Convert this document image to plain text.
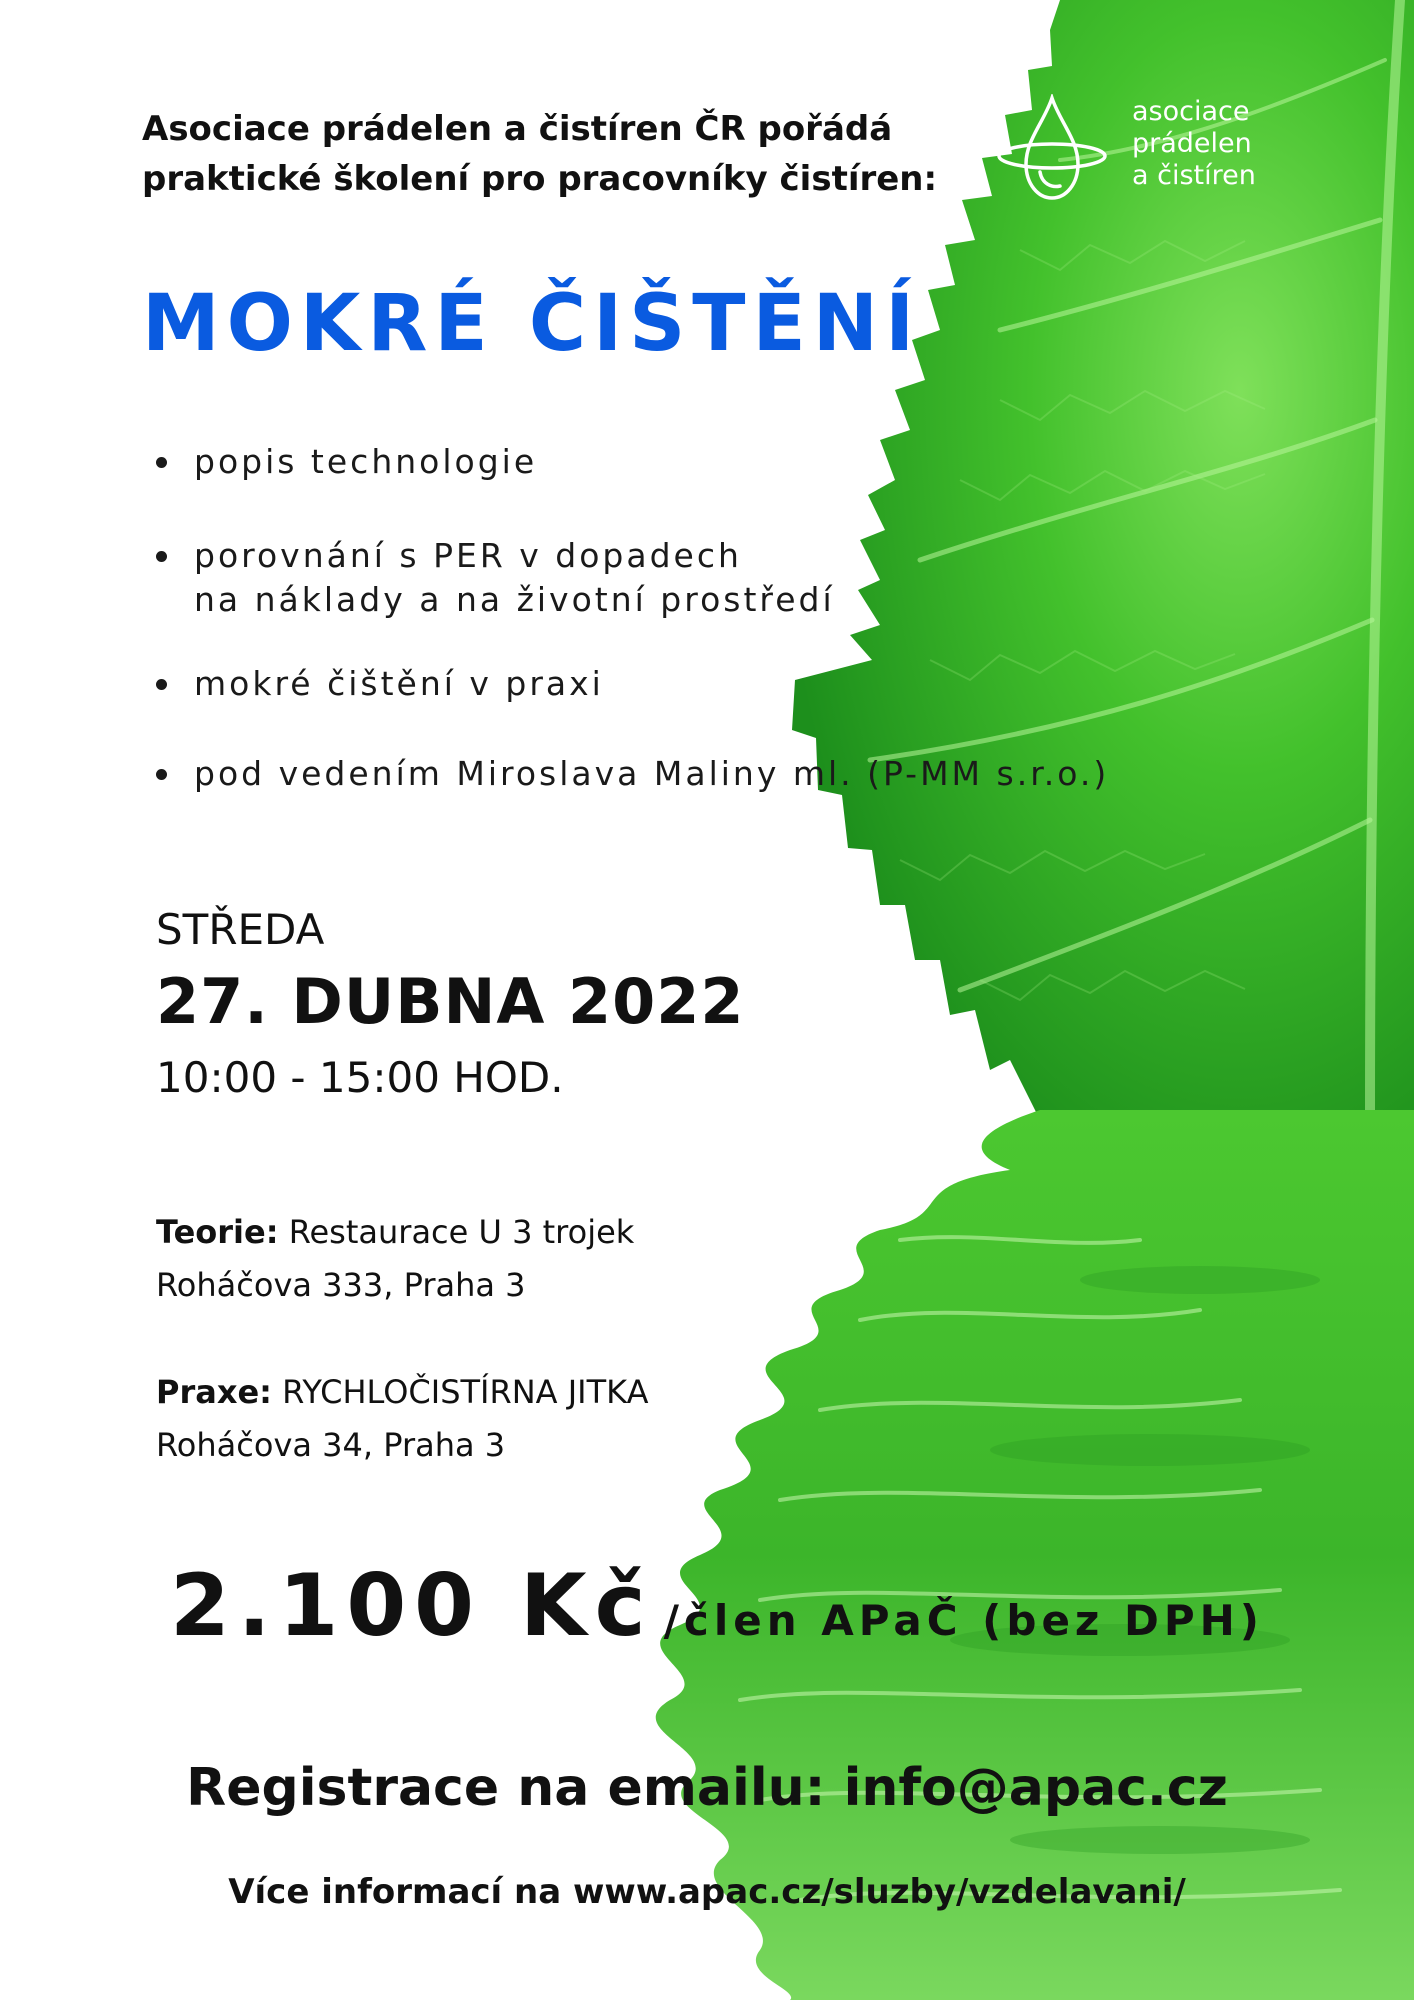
Asociace prádelen a čistíren ČR pořádá
praktické školení pro pracovníky čistíren:

asociace
prádelen
a čistíren
MOKRÉ ČIŠTĚNÍ
popis technologie
porovnání s PER v dopadech
na náklady a na životní prostředí
mokré čištění v praxi
pod vedením Miroslava Maliny ml. (P-MM s.r.o.)

STŘEDA

27. DUBNA 2022

10:00 - 15:00 HOD.

Teorie: Restaurace U 3 trojek
Roháčova 333, Praha 3
Praxe: RYCHLOČISTÍRNA JITKA
Roháčova 34, Praha 3
2.100 Kč /člen APaČ (bez DPH)

Registrace na emailu: info@apac.cz

Více informací na www.apac.cz/sluzby/vzdelavani/
